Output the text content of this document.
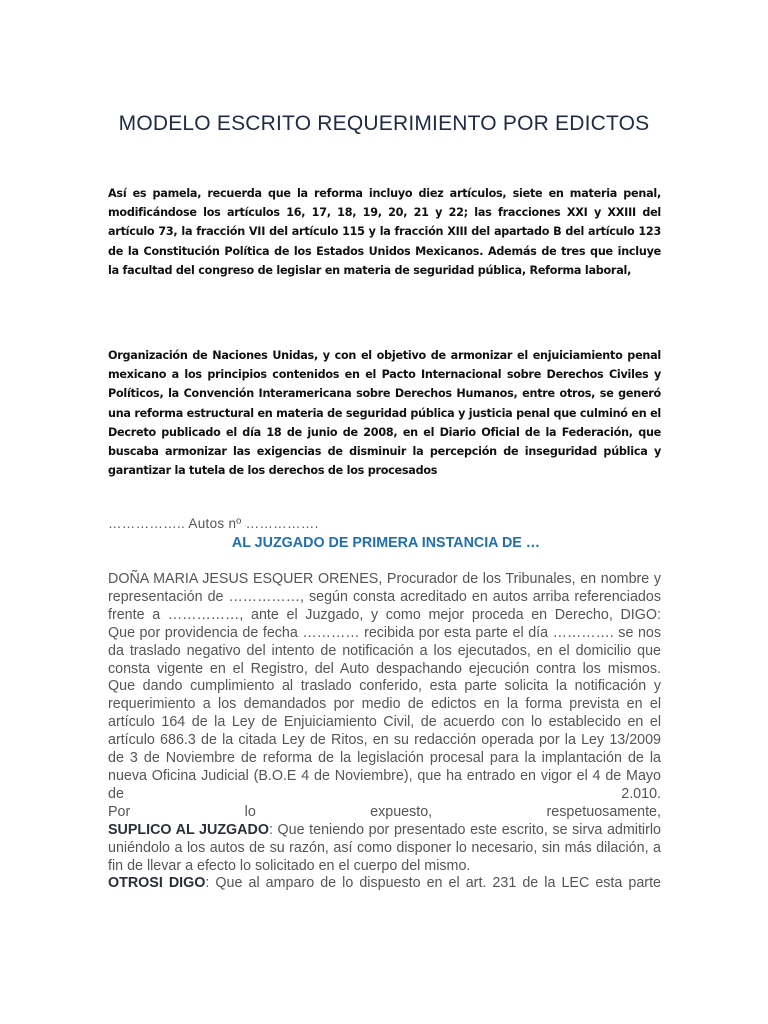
MODELO ESCRITO REQUERIMIENTO POR EDICTOS
Así es pamela, recuerda que la reforma incluyo diez artículos, siete en materia penal, modificándose los artículos 16, 17, 18, 19, 20, 21 y 22; las fracciones XXI y XXIII del artículo 73, la fracción VII del artículo 115 y la fracción XIII del apartado B del artículo 123 de la Constitución Política de los Estados Unidos Mexicanos. Además de tres que incluye la facultad del congreso de legislar en materia de seguridad pública, Reforma laboral,
Organización de Naciones Unidas, y con el objetivo de armonizar el enjuiciamiento penal mexicano a los principios contenidos en el Pacto Internacional sobre Derechos Civiles y Políticos, la Convención Interamericana sobre Derechos Humanos, entre otros, se generó una reforma estructural en materia de seguridad pública y justicia penal que culminó en el Decreto publicado el día 18 de junio de 2008, en el Diario Oficial de la Federación, que buscaba armonizar las exigencias de disminuir la percepción de inseguridad pública y garantizar la tutela de los derechos de los procesados
…………….. Autos nº …………….
AL JUZGADO DE PRIMERA INSTANCIA DE …

DOÑA MARIA JESUS ESQUER ORENES, Procurador de los Tribunales, en nombre y representación de ……………, según consta acreditado en autos arriba referenciados frente a ……………, ante el Juzgado, y como mejor proceda en Derecho, DIGO:

Que por providencia de fecha ………… recibida por esta parte el día …………. se nos da traslado negativo del intento de notificación a los ejecutados, en el domicilio que consta vigente en el Registro, del Auto despachando ejecución contra los mismos.

Que dando cumplimiento al traslado conferido, esta parte solicita la notificación y requerimiento a los demandados por medio de edictos en la forma prevista en el artículo 164 de la Ley de Enjuiciamiento Civil, de acuerdo con lo establecido en el artículo 686.3 de la citada Ley de Ritos, en su redacción operada por la Ley 13/2009 de 3 de Noviembre de reforma de la legislación procesal para la implantación de la nueva Oficina Judicial (B.O.E 4 de Noviembre), que ha entrado en vigor el 4 de Mayo de 2.010.

Por lo expuesto, respetuosamente,

SUPLICO AL JUZGADO: Que teniendo por presentado este escrito, se sirva admitirlo uniéndolo a los autos de su razón, así como disponer lo necesario, sin más dilación, a fin de llevar a efecto lo solicitado en el cuerpo del mismo.

OTROSI DIGO: Que al amparo de lo dispuesto en el art. 231 de la LEC esta parte
